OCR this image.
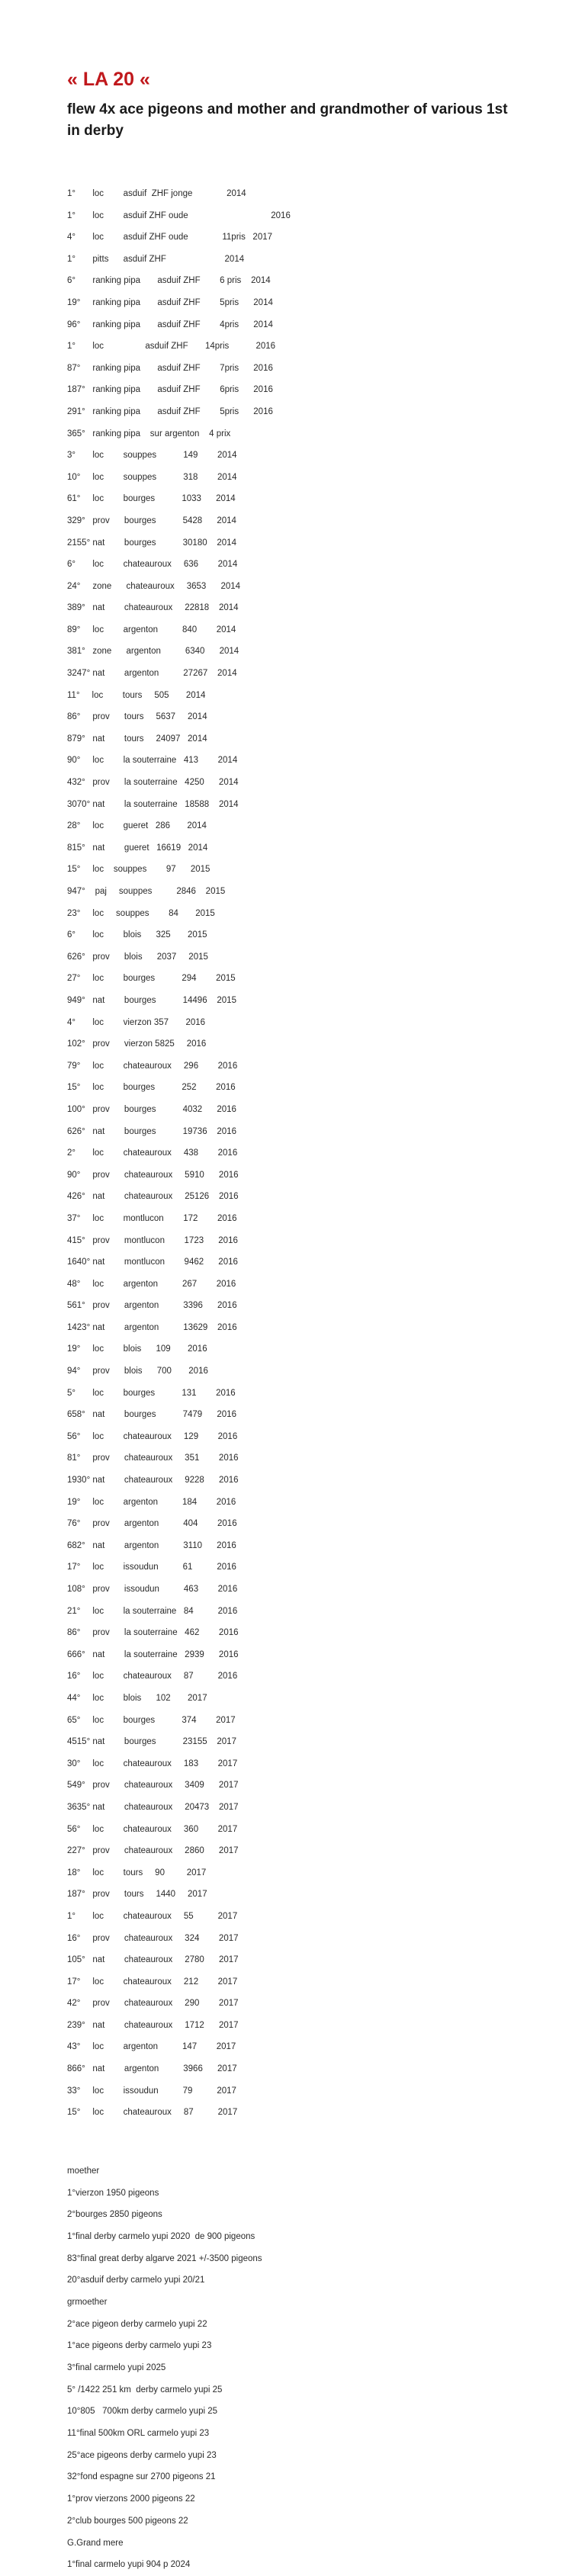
« LA 20 «
flew 4x ace pigeons and mother and grandmother of various 1st in derby
1°       loc        asduif  ZHF jonge              2014
1°       loc        asduif ZHF oude                                  2016
4°       loc        asduif ZHF oude              11pris   2017
1°       pitts      asduif ZHF                        2014
6°       ranking pipa       asduif ZHF        6 pris    2014
19°     ranking pipa       asduif ZHF        5pris      2014
96°     ranking pipa       asduif ZHF        4pris      2014
1°       loc                 asduif ZHF       14pris           2016
87°     ranking pipa       asduif ZHF        7pris      2016
187°   ranking pipa       asduif ZHF        6pris      2016
291°   ranking pipa       asduif ZHF        5pris      2016
365°   ranking pipa    sur argenton    4 prix
3°       loc        souppes           149        2014
10°     loc        souppes           318        2014
61°     loc        bourges           1033      2014
329°   prov      bourges           5428      2014
2155° nat        bourges           30180    2014
6°       loc        chateauroux     636        2014
24°     zone      chateauroux     3653      2014
389°   nat        chateauroux     22818    2014
89°     loc        argenton          840        2014
381°   zone      argenton          6340      2014
3247° nat        argenton          27267    2014
11°     loc        tours     505       2014
86°     prov      tours     5637     2014
879°   nat        tours     24097   2014
90°     loc        la souterraine   413        2014
432°   prov      la souterraine   4250      2014
3070° nat        la souterraine   18588    2014
28°     loc        gueret   286       2014
815°   nat        gueret   16619   2014
15°     loc    souppes        97      2015
947°    paj     souppes          2846    2015
23°     loc     souppes        84       2015
6°       loc        blois      325       2015
626°   prov      blois      2037     2015
27°     loc        bourges           294        2015
949°   nat        bourges           14496    2015
4°       loc        vierzon 357       2016
102°   prov      vierzon 5825     2016
79°     loc        chateauroux     296        2016
15°     loc        bourges           252        2016
100°   prov      bourges           4032      2016
626°   nat        bourges           19736    2016
2°       loc        chateauroux     438        2016
90°     prov      chateauroux     5910      2016
426°   nat        chateauroux     25126    2016
37°     loc        montlucon        172        2016
415°   prov      montlucon        1723      2016
1640° nat        montlucon        9462      2016
48°     loc        argenton          267        2016
561°   prov      argenton          3396      2016
1423° nat        argenton          13629    2016
19°     loc        blois      109       2016
94°     prov      blois      700       2016
5°       loc        bourges           131        2016
658°   nat        bourges           7479      2016
56°     loc        chateauroux     129        2016
81°     prov      chateauroux     351        2016
1930° nat        chateauroux     9228      2016
19°     loc        argenton          184        2016
76°     prov      argenton          404        2016
682°   nat        argenton          3110      2016
17°     loc        issoudun          61          2016
108°   prov      issoudun          463        2016
21°     loc        la souterraine   84          2016
86°     prov      la souterraine   462        2016
666°   nat        la souterraine   2939      2016
16°     loc        chateauroux     87          2016
44°     loc        blois      102       2017
65°     loc        bourges           374        2017
4515° nat        bourges           23155    2017
30°     loc        chateauroux     183        2017
549°   prov      chateauroux     3409      2017
3635° nat        chateauroux     20473    2017
56°     loc        chateauroux     360        2017
227°   prov      chateauroux     2860      2017
18°     loc        tours     90         2017
187°   prov      tours     1440     2017
1°       loc        chateauroux     55          2017
16°     prov      chateauroux     324        2017
105°   nat        chateauroux     2780      2017
17°     loc        chateauroux     212        2017
42°     prov      chateauroux     290        2017
239°   nat        chateauroux     1712      2017
43°     loc        argenton          147        2017
866°   nat        argenton          3966      2017
33°     loc        issoudun          79          2017
15°     loc        chateauroux     87          2017
moether
1°vierzon 1950 pigeons
2°bourges 2850 pigeons
1°final derby carmelo yupi 2020  de 900 pigeons
83°final great derby algarve 2021 +/-3500 pigeons
20°asduif derby carmelo yupi 20/21
grmoether
2°ace pigeon derby carmelo yupi 22
1°ace pigeons derby carmelo yupi 23
3°final carmelo yupi 2025
5° /1422 251 km  derby carmelo yupi 25
10°805   700km derby carmelo yupi 25
11°final 500km ORL carmelo yupi 23
25°ace pigeons derby carmelo yupi 23
32°fond espagne sur 2700 pigeons 21
1°prov vierzons 2000 pigeons 22
2°club bourges 500 pigeons 22
G.Grand mere
1°final carmelo yupi 904 p 2024
